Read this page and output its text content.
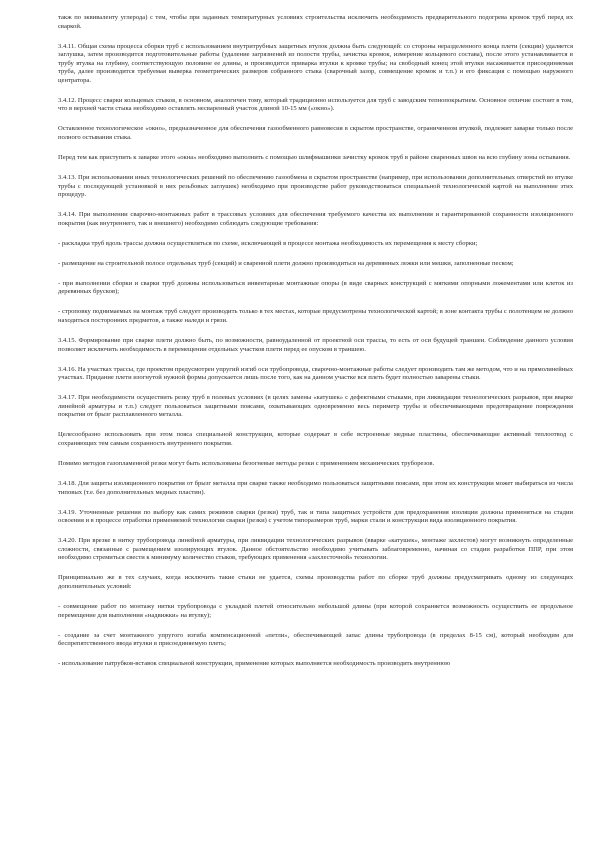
такж по эквиваленту углерода) с тем, чтобы при заданных температурных условиях строительства исключить необходимость предварительного подогрева кромок труб перед их сваркой.

3.4.11. Общая схема процесса сборки труб с использованием внутритрубных защитных втулок должна быть следующей: со стороны неразделенного конца плети (секции) удаляется заглушка, затем производится подготовительные работы (удаление загрязнений из полости трубы, зачистка кромок, измерение кольцевого состава), после этого устанавливается в трубу втулка на глубину, соответствующую половине ее длины, и производится приварка втулки к кромке трубы; на свободный конец этой втулки насаживается присоединяемая труба, далее производится требуемая выверка геометрических размеров собранного стыка (сварочный зазор, совмещение кромок и т.п.) и его фиксация с помощью наружного центратора.

3.4.12. Процесс сварки кольцевых стыков, в основном, аналогичен тому, который традиционно используется для труб с заводским тепнопокрытием. Основное отличие состоит в том, что в верхней части стыка необходимо оставлять несваренный участок длиной 10-15 мм («окно»).

Оставленное технологическое «окно», предназначенное для обеспечения газообменного равновесия в скрытом пространстве, ограниченном втулкой, подлежит заварке только после полного остывания стыка.

Перед тем как приступить к заварке этого «окна» необходимо выполнить с помощью шлифмашинки зачистку кромок труб в районе сваренных швов на всю глубину зоны остывания.

3.4.13. При использовании иных технологических решений по обеспечению газообмена в скрытом пространстве (например, при использовании дополнительных отверстий во втулке трубы с последующей установкой в них резьбовых заглушек) необходимо при производстве работ руководствоваться специальной технологической картой на выполнение этих процедур.

3.4.14. При выполнении сварочно-монтажных работ в трассовых условиях для обеспечения требуемого качества их выполнения и гарантированной сохранности изоляционного покрытия (как внутреннего, так и внешнего) необходимо соблюдать следующие требования:

- раскладка труб вдоль трассы должна осуществляться по схеме, исключающей в процессе монтажа необходимость их перемещения к месту сборки;

- размещение на строительной полосе отдельных труб (секций) и сваренной плети должно производиться на деревянных лежки или мешки, заполненные песком;

- при выполнении сборки и сварки труб должны использоваться инвентарные монтажные опоры (в виде сварных конструкций с мягкими опорными ложементами или клеток из деревянных брусков);

- строповку поднимаемых на монтаж труб следует производить только в тех местах, которые предусмотрены технологической картой; в зоне контакта трубы с полотенцем не должно находиться посторонних предметов, а также наледи и грязи.

3.4.15. Формирование при сварке плети должно быть, по возможности, равноудаленной от проектной оси трассы, то есть от оси будущей траншеи. Соблюдение данного условия позволяет исключить необходимость в перемещении отдельных участков плети перед ее опуском в траншею.

3.4.16. На участках трассы, где проектом предусмотрен упругий изгиб оси трубопровода, сварочно-монтажные работы следует производить там же методом, что и на прямолинейных участках. Придание плети изогнутой нужной формы допускается лишь после того, как на данном участке вся плеть будет полностью заварены стыки.

3.4.17. При необходимости осуществить резку труб в полевых условиях (в целях замены «катушек» с дефектными стыками, при ликвидации технологических разрывов, при вварке линейной арматуры и т.п.) следует пользоваться защитными поясами, охватывающих одновременно весь периметр трубы и обеспечивающими предотвращение повреждения покрытия от брызг расплавленного металла.

Целесообразно использовать при этом пояса специальной конструкции, которые содержат в себе встроенные медные пластины, обеспечивающие активный теплоотвод с сохраняющих тем самым сохранность внутреннего покрытия.

Помимо методов газопламенной резки могут быть использованы безогневые методы резки с применением механических труборезов.

3.4.18. Для защиты изоляционного покрытия от брызг металла при сварке также необходимо пользоваться защитными поясами, при этом их конструкции может выбираться из числа типовых (т.е. без дополнительных медных пластин).

3.4.19. Уточненные решения по выбору как самих режимов сварки (резки) труб, так и типа защитных устройств для предохранения изоляции должны применяться на стадии освоения и в процессе отработки применяемой технологии сварки (резки) с учетом типоразмеров труб, марки стали и конструкции вида изоляционного покрытия.

3.4.20. При врезке в нитку трубопровода линейной арматуры, при ликвидации технологических разрывов (вварке «катушек», монтаже захлестов) могут возникнуть определенные сложности, связанные с размещением изолирующих втулок. Данное обстоятельство необходимо учитывать заблаговременно, начиная со стадии разработки ППР, при этом необходимо стремиться свести к минимуму количество стыков, требующих применения «захлесточной» технологии.

Принципиально же в тех случаях, когда исключить такие стыки не удается, схемы производства работ по сборке труб должны предусматривать одному из следующих дополнительных условий:

- совмещение работ по монтажу нитки трубопровода с укладкой плетей относительно небольшой длины (при которой сохраняется возможность осуществить ее продольное перемещение для выполнения «надвижки» на втулку);

- создание за счет монтажного упругого изгиба компенсационной «петли», обеспечивающей запас длины трубопровода (в пределах 8-15 см), который необходим для беспрепятственного ввода втулки в присоединяемую плеть;

- использование патрубков-вставок специальной конструкции, применение которых выполняется необходимость производить внутреннюю
